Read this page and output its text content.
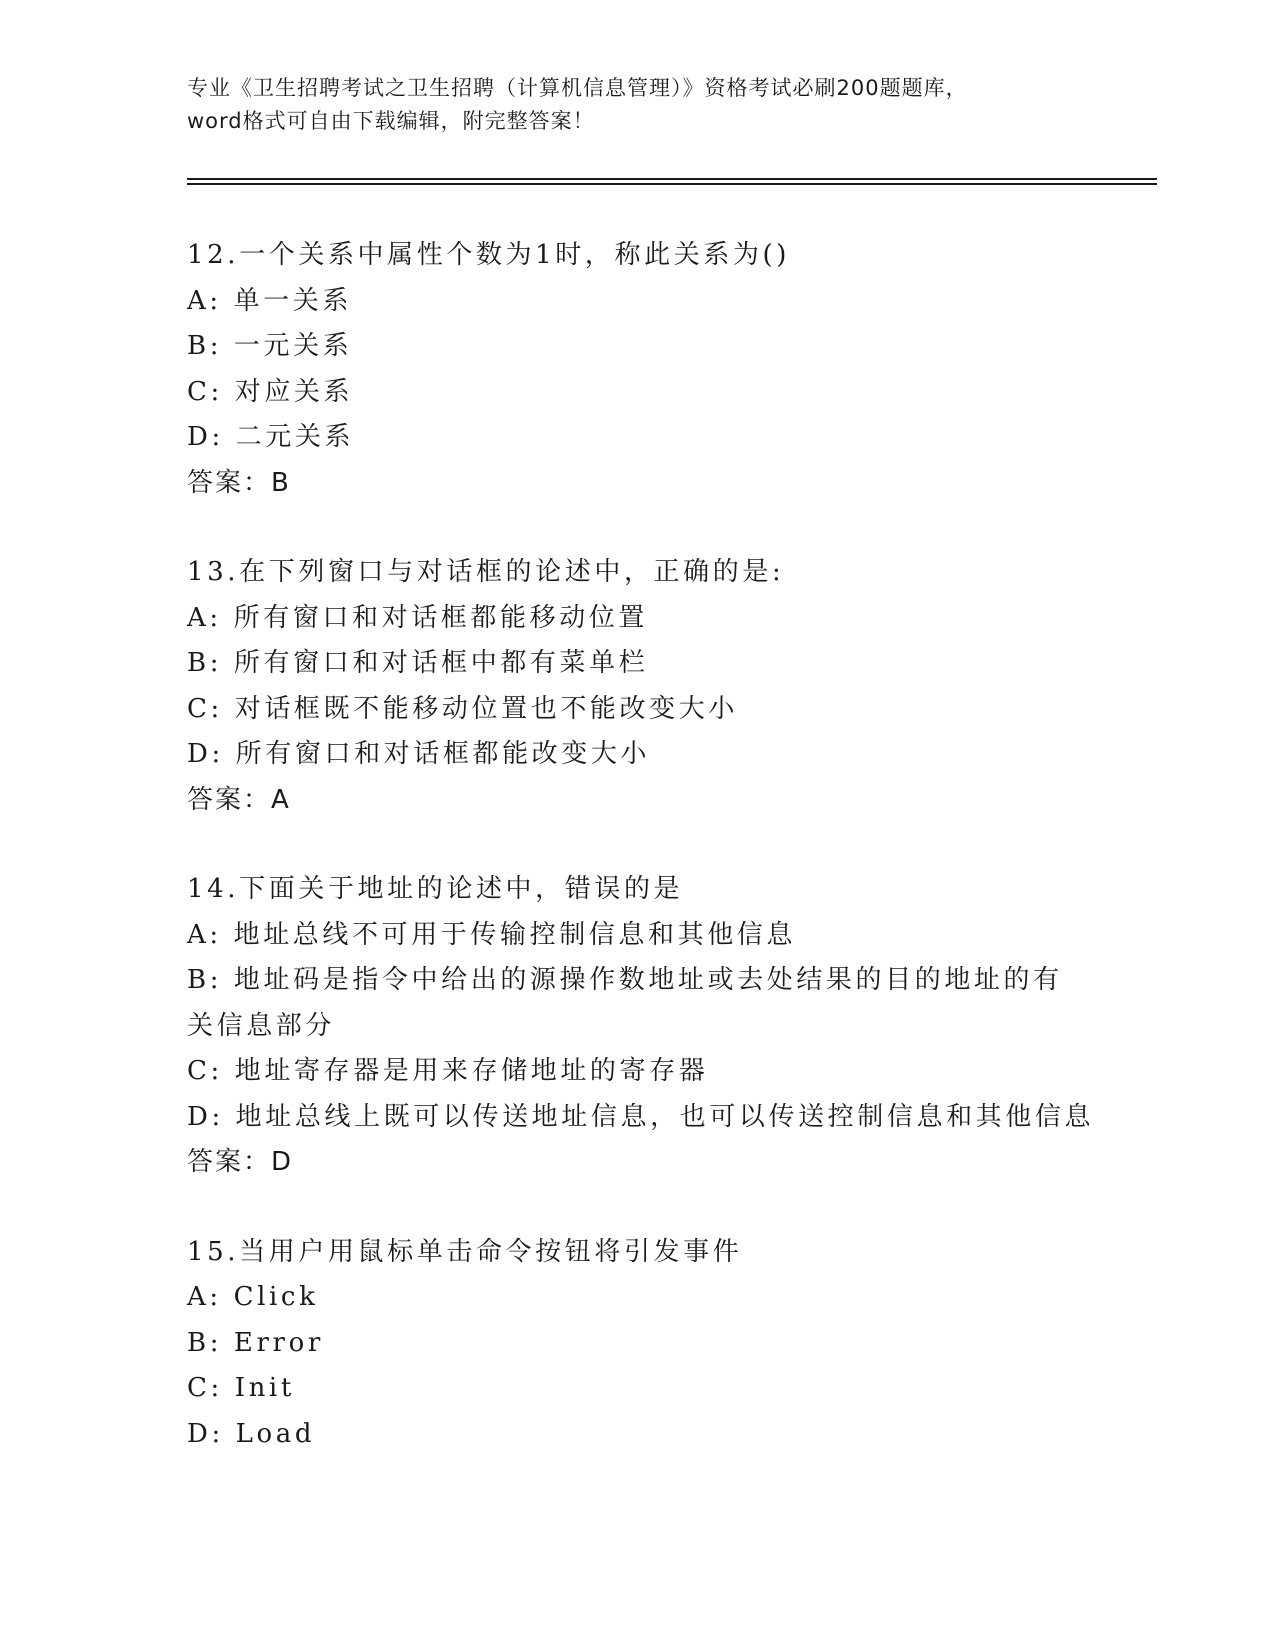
专业《卫生招聘考试之卫生招聘（计算机信息管理）》资格考试必刷200题题库，
word格式可自由下载编辑，附完整答案！
12.一个关系中属性个数为1时，称此关系为()
A: 单一关系
B: 一元关系
C: 对应关系
D: 二元关系
答案：B
13.在下列窗口与对话框的论述中，正确的是:
A: 所有窗口和对话框都能移动位置
B: 所有窗口和对话框中都有菜单栏
C: 对话框既不能移动位置也不能改变大小
D: 所有窗口和对话框都能改变大小
答案：A
14.下面关于地址的论述中，错误的是
A: 地址总线不可用于传输控制信息和其他信息
B: 地址码是指令中给出的源操作数地址或去处结果的目的地址的有关信息部分
C: 地址寄存器是用来存储地址的寄存器
D: 地址总线上既可以传送地址信息，也可以传送控制信息和其他信息
答案：D
15.当用户用鼠标单击命令按钮将引发事件
A: Click
B: Error
C: Init
D: Load
